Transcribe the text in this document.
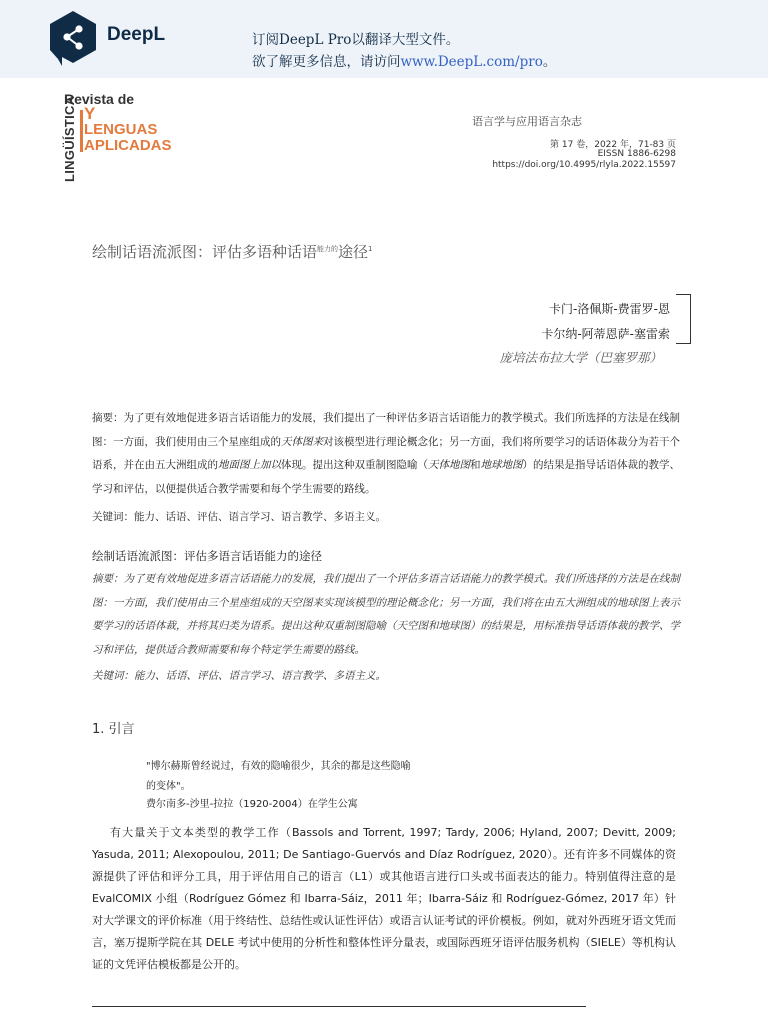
DeepL	订阅DeepL Pro以翻译大型文件。
欲了解更多信息，请访问www.DeepL.com/pro。
LINGÜÍSTICA
Revista de
Y
LENGUAS
APLICADAS
语言学与应用语言杂志
第 17 卷，2022 年，71-83 页
EISSN 1886-6298
https://doi.org/10.4995/rlyla.2022.15597
绘制话语流派图：评估多语种话语$^{能力的}$途径$^1$
卡门-洛佩斯-费雷罗-恩
卡尔纳-阿蒂恩萨-塞雷索
庞培法布拉大学（巴塞罗那）
摘要：为了更有效地促进多语言话语能力的发展，我们提出了一种评估多语言话语能力的教学模式。我们所选择的方法是在线制图：一方面，我们使用由三个星座组成的天体图来对该模型进行理论概念化；另一方面，我们将所要学习的话语体裁分为若干个语系，并在由五大洲组成的地面图上加以体现。提出这种双重制图隐喻（天体地图和地球地图）的结果是指导话语体裁的教学、学习和评估，以便提供适合教学需要和每个学生需要的路线。
关键词：能力、话语、评估、语言学习、语言教学、多语主义。
绘制话语流派图：评估多语言话语能力的途径
摘要：为了更有效地促进多语言话语能力的发展，我们提出了一个评估多语言话语能力的教学模式。我们所选择的方法是在线制图：一方面，我们使用由三个星座组成的天空图来实现该模型的理论概念化；另一方面，我们将在由五大洲组成的地球图上表示要学习的话语体裁，并将其归类为语系。提出这种双重制图隐喻（天空图和地球图）的结果是，用标准指导话语体裁的教学、学习和评估，提供适合教师需要和每个特定学生需要的路线。
关键词：能力、话语、评估、语言学习、语言教学、多语主义。
1. 引言
"博尔赫斯曾经说过，有效的隐喻很少，其余的都是这些隐喻
的变体"。
费尔南多-沙里-拉拉（1920-2004）在学生公寓
有大量关于文本类型的教学工作（Bassols and Torrent, 1997; Tardy, 2006; Hyland, 2007; Devitt, 2009; Yasuda, 2011; Alexopoulou, 2011; De Santiago-Guervós and Díaz Rodríguez, 2020）。还有许多不同媒体的资源提供了评估和评分工具，用于评估用自己的语言（L1）或其他语言进行口头或书面表达的能力。特别值得注意的是 EvalCOMIX 小组（Rodríguez Gómez 和 Ibarra-Sáiz，2011 年；Ibarra-Sáiz 和 Rodríguez-Gómez, 2017 年）针对大学课文的评价标准（用于终结性、总结性或认证性评估）或语言认证考试的评价模板。例如，就对外西班牙语文凭而言，塞万提斯学院在其 DELE 考试中使用的分析性和整体性评分量表，或国际西班牙语评估服务机构（SIELE）等机构认证的文凭评估模板都是公开的。
